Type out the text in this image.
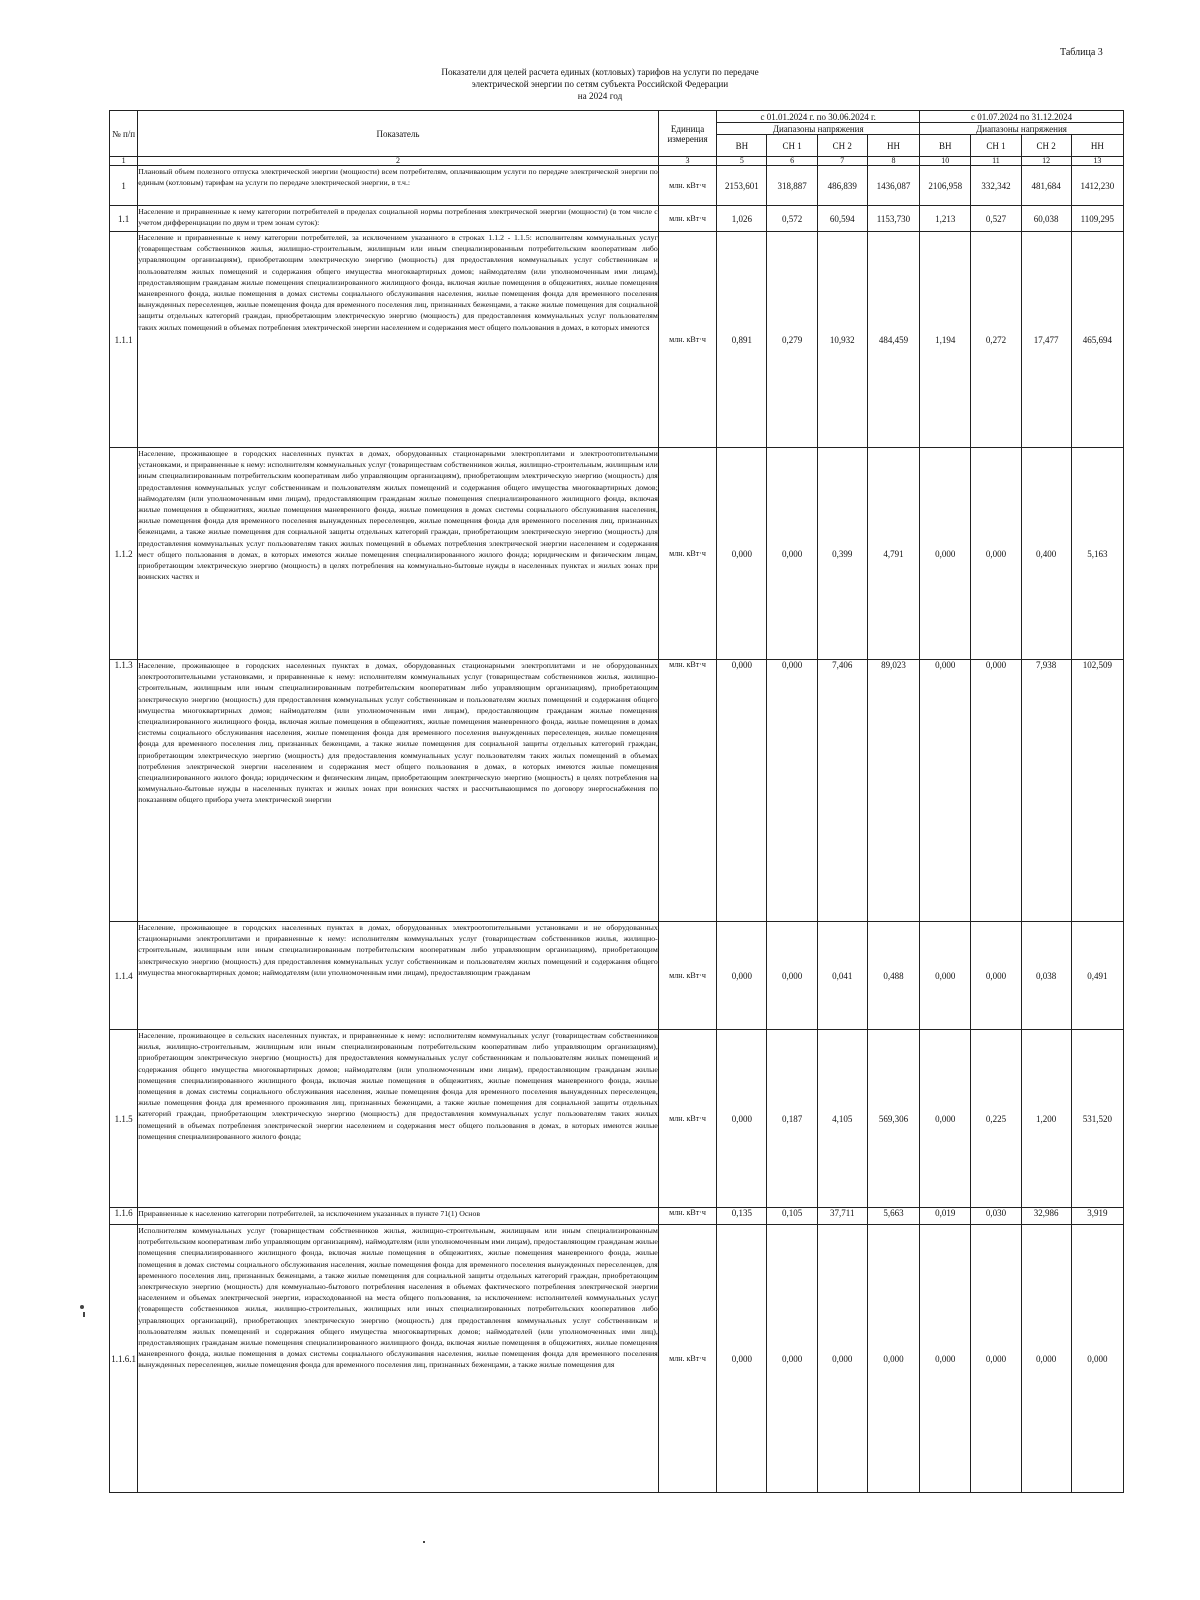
Таблица 3
Показатели для целей расчета единых (котловых) тарифов на услуги по передаче
электрической энергии по сетям субъекта Российской Федерации
на 2024 год
№ п/п	Показатель	Единица измерения	с 01.01.2024 г. по 30.06.2024 г.				с 01.07.2024 по 31.12.2024			
			Диапазоны напряжения				Диапазоны напряжения			
			ВН	СН 1	СН 2	НН	ВН	СН 1	СН 2	НН
1	2	3	5	6	7	8	10	11	12	13
1	Плановый объем полезного отпуска электрической энергии (мощности) всем потребителям, оплачивающим услуги по передаче электрической энергии по единым (котловым) тарифам на услуги по передаче электрической энергии, в т.ч.:	млн. кВт·ч	2153,601	318,887	486,839	1436,087	2106,958	332,342	481,684	1412,230
1.1	Население и приравненные к нему категории потребителей в пределах социальной нормы потребления электрической энергии (мощности) (в том числе с учетом дифференциации по двум и трем зонам суток):	млн. кВт·ч	1,026	0,572	60,594	1153,730	1,213	0,527	60,038	1109,295
1.1.1	Население и приравненные к нему категории потребителей, за исключением указанного в строках 1.1.2 - 1.1.5: исполнителям коммунальных услуг (товариществам собственников жилья, жилищно-строительным, жилищным или иным специализированным потребительским кооперативам либо управляющим организациям), приобретающим электрическую энергию (мощность) для предоставления коммунальных услуг собственникам и пользователям жилых помещений и содержания общего имущества многоквартирных домов; наймодателям (или уполномоченным ими лицам), предоставляющим гражданам жилые помещения специализированного жилищного фонда, включая жилые помещения в общежитиях, жилые помещения маневренного фонда, жилые помещения в домах системы социального обслуживания населения, жилые помещения фонда для временного поселения вынужденных переселенцев, жилые помещения фонда для временного поселения лиц, признанных беженцами, а также жилые помещения для социальной защиты отдельных категорий граждан, приобретающим электрическую энергию (мощность) для предоставления коммунальных услуг пользователям таких жилых помещений в объемах потребления электрической энергии населением и содержания мест общего пользования в домах, в которых имеются	млн. кВт·ч	0,891	0,279	10,932	484,459	1,194	0,272	17,477	465,694
1.1.2	Население, проживающее в городских населенных пунктах в домах, оборудованных стационарными электроплитами и электроотопительными установками, и приравненные к нему: исполнителям коммунальных услуг (товариществам собственников жилья, жилищно-строительным, жилищным или иным специализированным потребительским кооперативам либо управляющим организациям), приобретающим электрическую энергию (мощность) для предоставления коммунальных услуг собственникам и пользователям жилых помещений и содержания общего имущества многоквартирных домов; наймодателям (или уполномоченным ими лицам), предоставляющим гражданам жилые помещения специализированного жилищного фонда, включая жилые помещения в общежитиях, жилые помещения маневренного фонда, жилые помещения в домах системы социального обслуживания населения, жилые помещения фонда для временного поселения вынужденных переселенцев, жилые помещения фонда для временного поселения лиц, признанных беженцами, а также жилые помещения для социальной защиты отдельных категорий граждан, приобретающим электрическую энергию (мощность) для предоставления коммунальных услуг пользователям таких жилых помещений в объемах потребления электрической энергии населением и содержания мест общего пользования в домах, в которых имеются жилые помещения специализированного жилого фонда; юридическим и физическим лицам, приобретающим электрическую энергию (мощность) в целях потребления на коммунально-бытовые нужды в населенных пунктах и жилых зонах при воинских частях и	млн. кВт·ч	0,000	0,000	0,399	4,791	0,000	0,000	0,400	5,163
1.1.3	Население, проживающее в городских населенных пунктах в домах, оборудованных стационарными электроплитами и не оборудованных электроотопительными установками, и приравненные к нему: исполнителям коммунальных услуг (товариществам собственников жилья, жилищно-строительным, жилищным или иным специализированным потребительским кооперативам либо управляющим организациям), приобретающим электрическую энергию (мощность) для предоставления коммунальных услуг собственникам и пользователям жилых помещений и содержания общего имущества многоквартирных домов; наймодателям (или уполномоченным ими лицам), предоставляющим гражданам жилые помещения специализированного жилищного фонда, включая жилые помещения в общежитиях, жилые помещения маневренного фонда, жилые помещения в домах системы социального обслуживания населения, жилые помещения фонда для временного поселения вынужденных переселенцев, жилые помещения фонда для временного поселения лиц, признанных беженцами, а также жилые помещения для социальной защиты отдельных категорий граждан, приобретающим электрическую энергию (мощность) для предоставления коммунальных услуг пользователям таких жилых помещений в объемах потребления электрической энергии населением и содержания мест общего пользования в домах, в которых имеются жилые помещения специализированного жилого фонда; юридическим и физическим лицам, приобретающим электрическую энергию (мощность) в целях потребления на коммунально-бытовые нужды в населенных пунктах и жилых зонах при воинских частях и рассчитывающимся по договору энергоснабжения по показаниям общего прибора учета электрической энергии	млн. кВт·ч	0,000	0,000	7,406	89,023	0,000	0,000	7,938	102,509
1.1.4	Население, проживающее в городских населенных пунктах в домах, оборудованных электроотопительными установками и не оборудованных стационарными электроплитами и приравненные к нему: исполнителям коммунальных услуг (товариществам собственников жилья, жилищно-строительным, жилищным или иным специализированным потребительским кооперативам либо управляющим организациям), приобретающим электрическую энергию (мощность) для предоставления коммунальных услуг собственникам и пользователям жилых помещений и содержания общего имущества многоквартирных домов; наймодателям (или уполномоченным ими лицам), предоставляющим гражданам	млн. кВт·ч	0,000	0,000	0,041	0,488	0,000	0,000	0,038	0,491
1.1.5	Население, проживающее в сельских населенных пунктах, и приравненные к нему: исполнителям коммунальных услуг (товариществам собственников жилья, жилищно-строительным, жилищным или иным специализированным потребительским кооперативам либо управляющим организациям), приобретающим электрическую энергию (мощность) для предоставления коммунальных услуг собственникам и пользователям жилых помещений и содержания общего имущества многоквартирных домов; наймодателям (или уполномоченным ими лицам), предоставляющим гражданам жилые помещения специализированного жилищного фонда, включая жилые помещения в общежитиях, жилые помещения маневренного фонда, жилые помещения в домах системы социального обслуживания населения, жилые помещения фонда для временного поселения вынужденных переселенцев, жилые помещения фонда для временного проживания лиц, признанных беженцами, а также жилые помещения для социальной защиты отдельных категорий граждан, приобретающим электрическую энергию (мощность) для предоставления коммунальных услуг пользователям таких жилых помещений в объемах потребления электрической энергии населением и содержания мест общего пользования в домах, в которых имеются жилые помещения специализированного жилого фонда;	млн. кВт·ч	0,000	0,187	4,105	569,306	0,000	0,225	1,200	531,520
1.1.6	Приравненные к населению категории потребителей, за исключением указанных в пункте 71(1) Основ	млн. кВт·ч	0,135	0,105	37,711	5,663	0,019	0,030	32,986	3,919
1.1.6.1	Исполнителям коммунальных услуг (товариществам собственников жилья, жилищно-строительным, жилищным или иным специализированным потребительским кооперативам либо управляющим организациям), наймодателям (или уполномоченным ими лицам), предоставляющим гражданам жилые помещения специализированного жилищного фонда, включая жилые помещения в общежитиях, жилые помещения маневренного фонда, жилые помещения в домах системы социального обслуживания населения, жилые помещения фонда для временного поселения вынужденных переселенцев, для временного поселения лиц, признанных беженцами, а также жилые помещения для социальной защиты отдельных категорий граждан, приобретающим электрическую энергию (мощность) для коммунально-бытового потребления населения в объемах фактического потребления электрической энергии населением и объемах электрической энергии, израсходованной на места общего пользования, за исключением: исполнителей коммунальных услуг (товариществ собственников жилья, жилищно-строительных, жилищных или иных специализированных потребительских кооперативов либо управляющих организаций), приобретающих электрическую энергию (мощность) для предоставления коммунальных услуг собственникам и пользователям жилых помещений и содержания общего имущества многоквартирных домов; наймодателей (или уполномоченных ими лиц), предоставляющих гражданам жилые помещения специализированного жилищного фонда, включая жилые помещения в общежитиях, жилые помещения маневренного фонда, жилые помещения в домах системы социального обслуживания населения, жилые помещения фонда для временного поселения вынужденных переселенцев, жилые помещения фонда для временного поселения лиц, признанных беженцами, а также жилые помещения для	млн. кВт·ч	0,000	0,000	0,000	0,000	0,000	0,000	0,000	0,000
